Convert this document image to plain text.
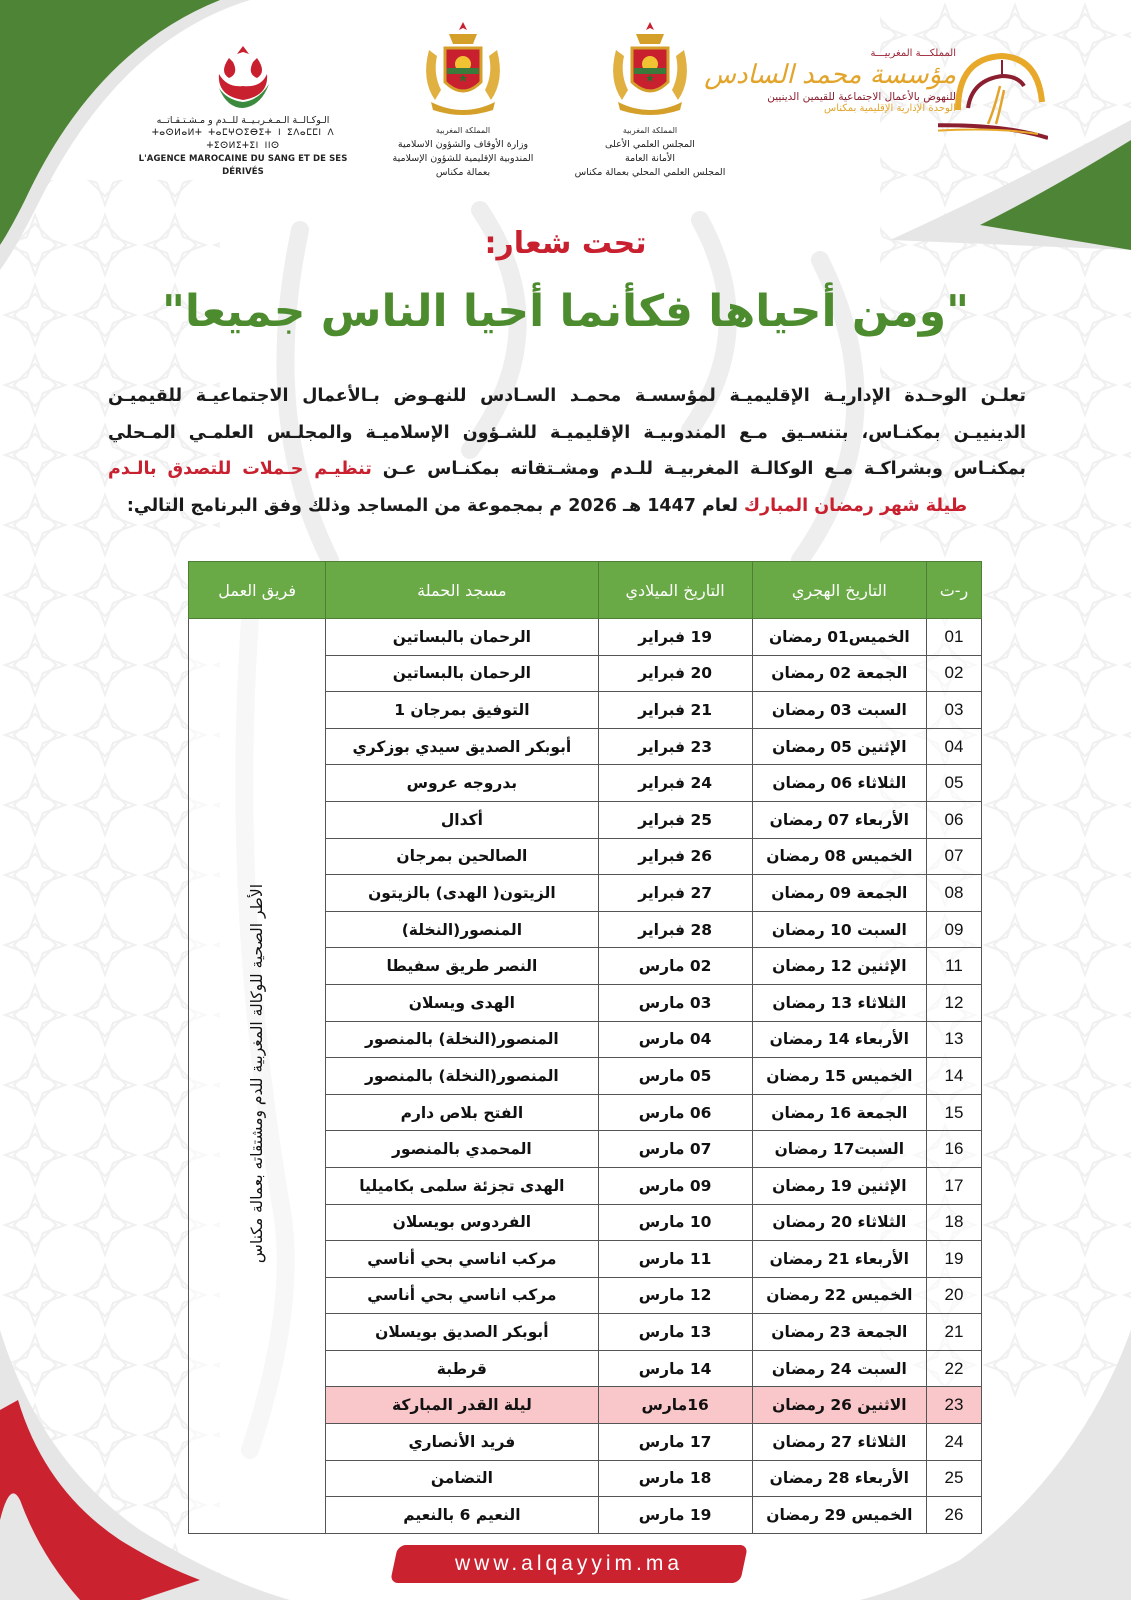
الـوكـالــة الـمـغـربـيــة للــدم و مـشـتـقـاتــه
ⵜⴰⵙⵍⴰⵍⵜ ⵜⴰⵎⵖⵔⵉⴱⵉⵜ ⵏ ⵉⴷⴰⵎⵎⵏ ⴷ ⵜⵉⵙⵍⵉⵜⵉⵏ ⵏⵏⵙ
L'AGENCE MAROCAINE DU SANG ET DE SES DÉRIVÉS
المملكة المغربية
وزارة الأوقاف والشؤون الاسلامية
المندوبية الإقليمية للشؤون الإسلامية
بعمالة مكناس
المملكة المغربية
المجلس العلمي الأعلى
الأمانة العامة
المجلس العلمي المحلي بعمالة مكناس
المملكـــة المغربيـــة
مؤسسة محمد السادس
للنهوض بالأعمال الاجتماعية للقيمين الدينيين
الوحدة الإدارية الإقليمية بمكناس
تحت شعار:
"ومن أحياها فكأنما أحيا الناس جميعا"
تعلـن الوحـدة الإداريـة الإقليميـة لمؤسسـة محمـد السـادس للنهـوض بـالأعمال الاجتماعيـة للقيميـن
الدينييـن بمكنـاس، بتنسـيق مـع المندوبيـة الإقليميـة للشـؤون الإسلاميـة والمجلـس العلمـي المـحلي
بمكنـاس وبشراكـة مـع الوكالـة المغربيـة للـدم ومشـتقاته بمكنـاس عـن تنظيـم حـملات للتصدق بالـدم
طيلة شهر رمضان المبارك لعام 1447 هـ 2026 م بمجموعة من المساجد وذلك وفق البرنامج التالي:
ر-ت	التاريخ الهجري	التاريخ الميلادي	مسجد الحملة	فريق العمل
01	الخميس01 رمضان	19 فبراير	الرحمان بالبساتين	الأطر الصحية للوكالة المغربية للدم ومشتقاته بعمالة مكناس
02	الجمعة 02 رمضان	20 فبراير	الرحمان بالبساتين	
03	السبت 03 رمضان	21 فبراير	التوفيق بمرجان 1	
04	الإثنين 05 رمضان	23 فبراير	أبوبكر الصديق سيدي بوزكري	
05	الثلاثاء 06 رمضان	24 فبراير	بدروجه عروس	
06	الأربعاء 07 رمضان	25 فبراير	أكدال	
07	الخميس 08 رمضان	26 فبراير	الصالحين بمرجان	
08	الجمعة 09 رمضان	27 فبراير	الزيتون( الهدى) بالزيتون	
09	السبت 10 رمضان	28 فبراير	المنصور(النخلة)	
11	الإثنين 12 رمضان	02 مارس	النصر طريق سفيطا	
12	الثلاثاء 13 رمضان	03 مارس	الهدى ويسلان	
13	الأربعاء 14 رمضان	04 مارس	المنصور(النخلة) بالمنصور	
14	الخميس 15 رمضان	05 مارس	المنصور(النخلة) بالمنصور	
15	الجمعة 16 رمضان	06 مارس	الفتح بلاص دارم	
16	السبت17 رمضان	07 مارس	المحمدي بالمنصور	
17	الإثنين 19 رمضان	09 مارس	الهدى تجزئة سلمى بكاميليا	
18	الثلاثاء 20 رمضان	10 مارس	الفردوس بويسلان	
19	الأربعاء 21 رمضان	11 مارس	مركب اناسي بحي أناسي	
20	الخميس 22 رمضان	12 مارس	مركب اناسي بحي أناسي	
21	الجمعة 23 رمضان	13 مارس	أبوبكر الصديق بويسلان	
22	السبت 24 رمضان	14 مارس	قرطبة	
23	الاثنين 26 رمضان	16مارس	ليلة القدر المباركة	
24	الثلاثاء 27 رمضان	17 مارس	فريد الأنصاري	
25	الأربعاء 28 رمضان	18 مارس	التضامن	
26	الخميس 29 رمضان	19 مارس	النعيم 6 بالنعيم	
www.alqayyim.ma
